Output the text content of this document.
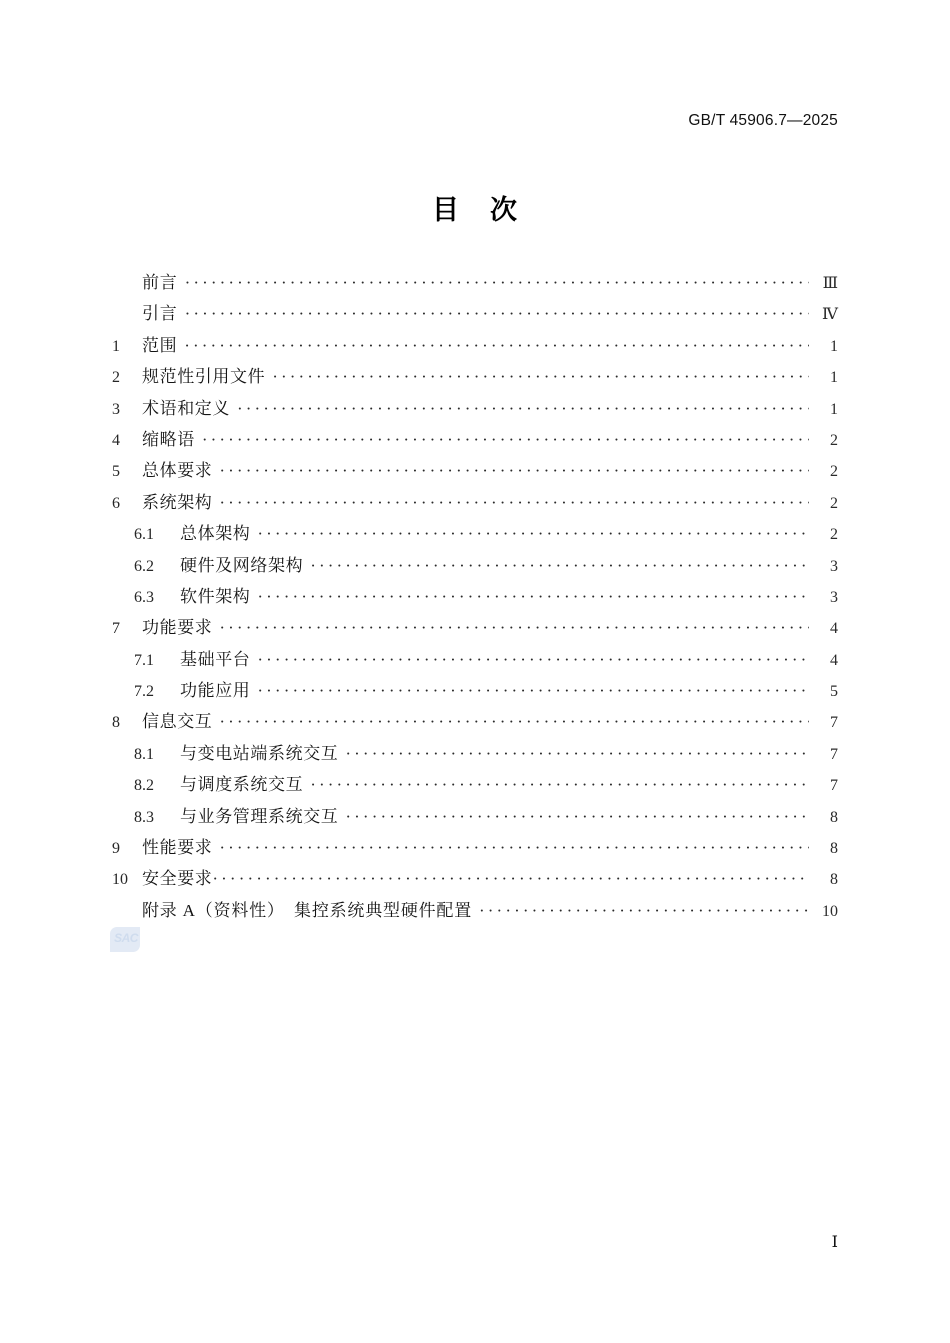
GB/T 45906.7—2025
目 次
前言 ·····	Ⅲ
引言 ·····	Ⅳ
1	范围 ·····	1
2	规范性引用文件 ·····	1
3	术语和定义 ·····	1
4	缩略语 ·····	2
5	总体要求 ·····	2
6	系统架构 ·····	2
6.1	总体架构 ·····	2
6.2	硬件及网络架构 ·····	3
6.3	软件架构 ·····	3
7	功能要求 ·····	4
7.1	基础平台 ·····	4
7.2	功能应用 ·····	5
8	信息交互 ·····	7
8.1	与变电站端系统交互 ·····	7
8.2	与调度系统交互 ·····	7
8.3	与业务管理系统交互 ·····	8
9	性能要求 ·····	8
10 安全要求 ·····	8
附录 A（资料性）　集控系统典型硬件配置 ·····	10
SAC
Ⅰ
